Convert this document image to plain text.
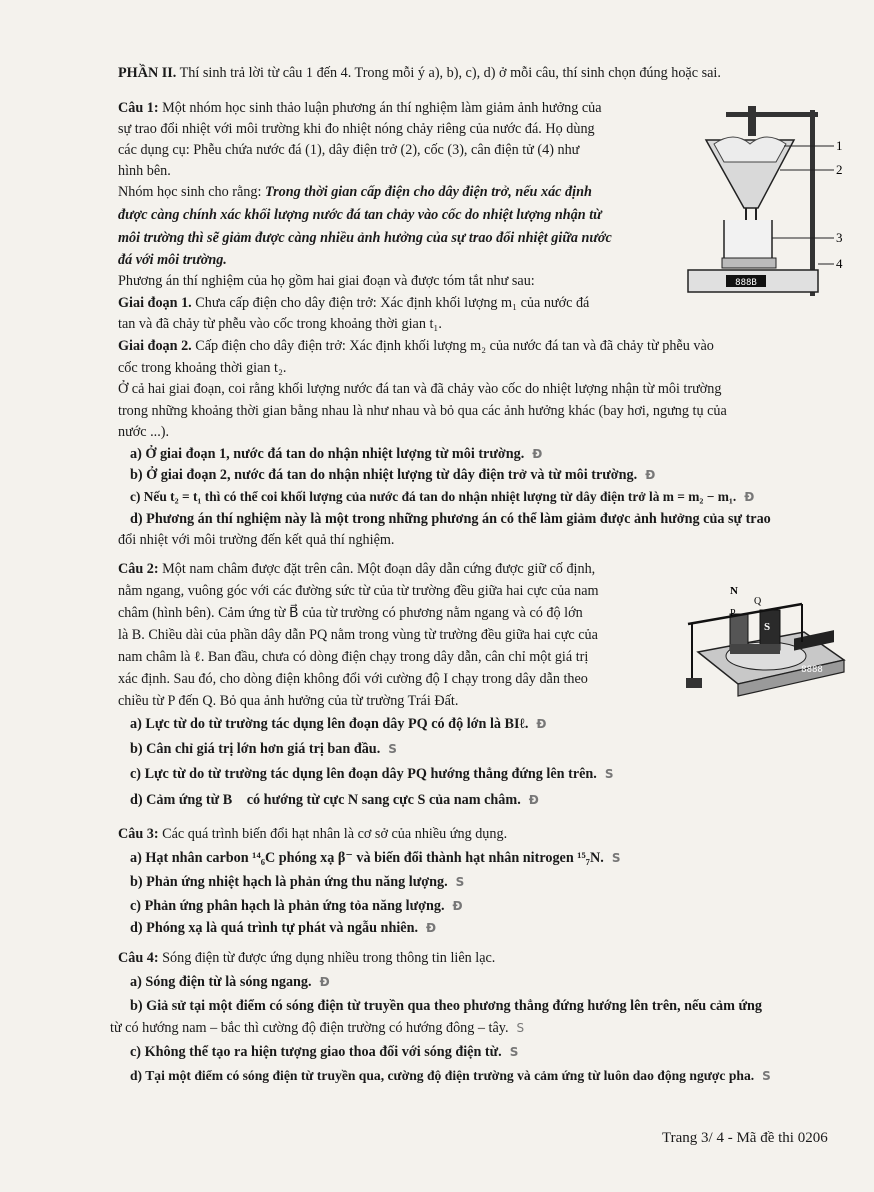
PHẦN II. Thí sinh trả lời từ câu 1 đến 4. Trong mỗi ý a), b), c), d) ở mỗi câu, thí sinh chọn đúng hoặc sai.
Câu 1: Một nhóm học sinh thảo luận phương án thí nghiệm làm giảm ảnh hưởng của
sự trao đổi nhiệt với môi trường khi đo nhiệt nóng chảy riêng của nước đá. Họ dùng
các dụng cụ: Phễu chứa nước đá (1), dây điện trở (2), cốc (3), cân điện tử (4) như
hình bên.
Nhóm học sinh cho rằng: Trong thời gian cấp điện cho dây điện trở, nếu xác định
được càng chính xác khối lượng nước đá tan chảy vào cốc do nhiệt lượng nhận từ
môi trường thì sẽ giảm được càng nhiều ảnh hưởng của sự trao đổi nhiệt giữa nước
đá với môi trường.
Phương án thí nghiệm của họ gồm hai giai đoạn và được tóm tắt như sau:
Giai đoạn 1. Chưa cấp điện cho dây điện trở: Xác định khối lượng m₁ của nước đá
tan và đã chảy từ phễu vào cốc trong khoảng thời gian t₁.
Giai đoạn 2. Cấp điện cho dây điện trở: Xác định khối lượng m₂ của nước đá tan và đã chảy từ phễu vào
cốc trong khoảng thời gian t₂.
Ở cả hai giai đoạn, coi rằng khối lượng nước đá tan và đã chảy vào cốc do nhiệt lượng nhận từ môi trường
trong những khoảng thời gian bằng nhau là như nhau và bỏ qua các ảnh hưởng khác (bay hơi, ngưng tụ của
nước ...).
a) Ở giai đoạn 1, nước đá tan do nhận nhiệt lượng từ môi trường. Đ
b) Ở giai đoạn 2, nước đá tan do nhận nhiệt lượng từ dây điện trở và từ môi trường. Đ
c) Nếu t₂ = t₁ thì có thể coi khối lượng của nước đá tan do nhận nhiệt lượng từ dây điện trở là m = m₂ − m₁. Đ
d) Phương án thí nghiệm này là một trong những phương án có thể làm giảm được ảnh hưởng của sự trao
đổi nhiệt với môi trường đến kết quả thí nghiệm.
888B
1
2
3
4
Câu 2: Một nam châm được đặt trên cân. Một đoạn dây dẫn cứng được giữ cố định,
nằm ngang, vuông góc với các đường sức từ của từ trường đều giữa hai cực của nam
châm (hình bên). Cảm ứng từ B⃗ của từ trường có phương nằm ngang và có độ lớn
là B. Chiều dài của phần dây dẫn PQ nằm trong vùng từ trường đều giữa hai cực của
nam châm là ℓ. Ban đầu, chưa có dòng điện chạy trong dây dẫn, cân chỉ một giá trị
xác định. Sau đó, cho dòng điện không đổi với cường độ I chạy trong dây dẫn theo
chiều từ P đến Q. Bỏ qua ảnh hưởng của từ trường Trái Đất.
a) Lực từ do từ trường tác dụng lên đoạn dây PQ có độ lớn là BIℓ. Đ
b) Cân chỉ giá trị lớn hơn giá trị ban đầu. S
c) Lực từ do từ trường tác dụng lên đoạn dây PQ hướng thẳng đứng lên trên. S
d) Cảm ứng từ B⃗ có hướng từ cực N sang cực S của nam châm. Đ
8888
N
P
Q
S
Câu 3: Các quá trình biến đổi hạt nhân là cơ sở của nhiều ứng dụng.
a) Hạt nhân carbon ¹⁴₆C phóng xạ β⁻ và biến đổi thành hạt nhân nitrogen ¹⁵₇N. S
b) Phản ứng nhiệt hạch là phản ứng thu năng lượng. S
c) Phản ứng phân hạch là phản ứng tỏa năng lượng. Đ
d) Phóng xạ là quá trình tự phát và ngẫu nhiên. Đ
Câu 4: Sóng điện từ được ứng dụng nhiều trong thông tin liên lạc.
a) Sóng điện từ là sóng ngang. Đ
b) Giả sử tại một điểm có sóng điện từ truyền qua theo phương thẳng đứng hướng lên trên, nếu cảm ứng
từ có hướng nam – bắc thì cường độ điện trường có hướng đông – tây. S
c) Không thể tạo ra hiện tượng giao thoa đối với sóng điện từ. S
d) Tại một điểm có sóng điện từ truyền qua, cường độ điện trường và cảm ứng từ luôn dao động ngược pha. S
Trang 3/ 4 - Mã đề thi 0206
